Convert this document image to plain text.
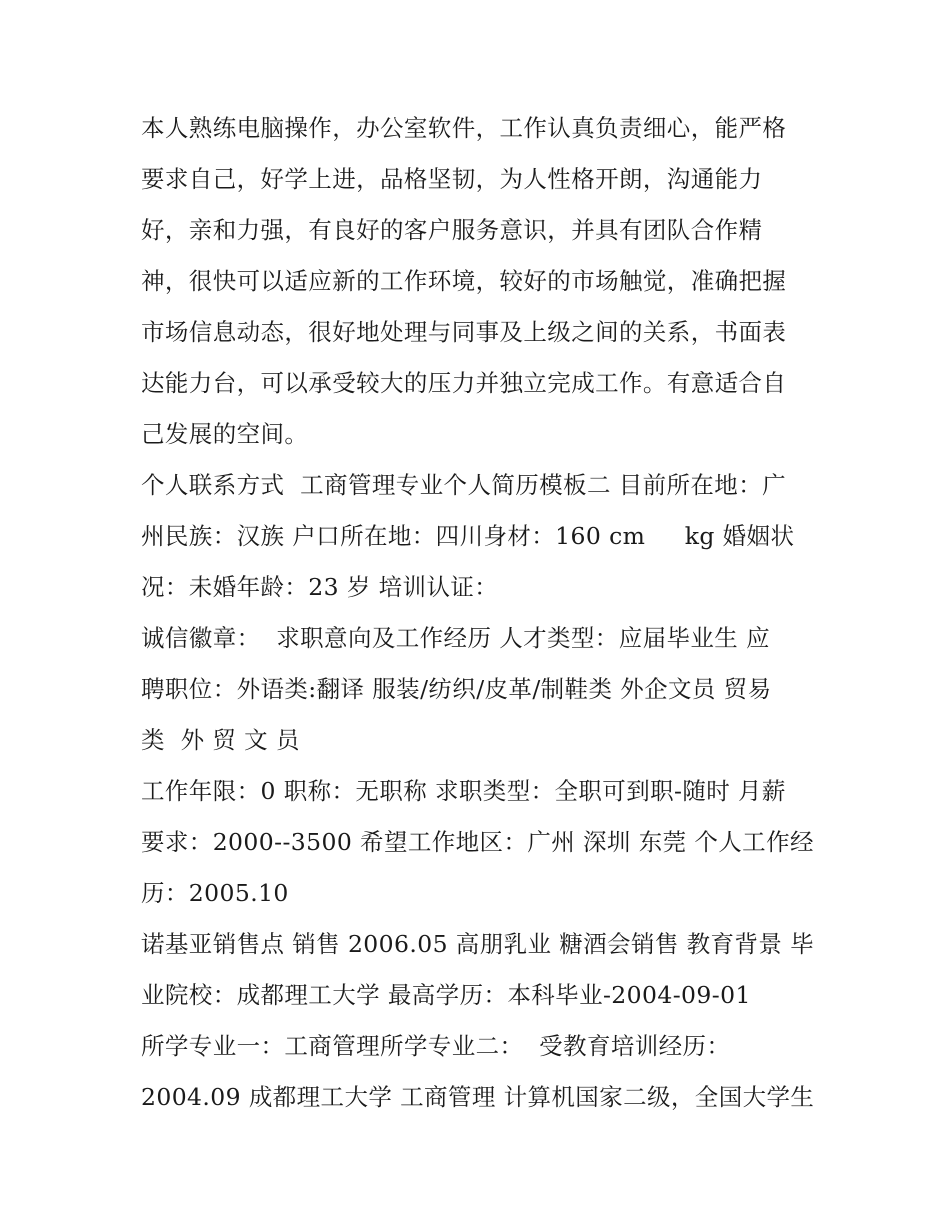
本人熟练电脑操作，办公室软件，工作认真负责细心，能严格
要求自己，好学上进，品格坚韧，为人性格开朗，沟通能力
好，亲和力强，有良好的客户服务意识，并具有团队合作精
神，很快可以适应新的工作环境，较好的市场触觉，准确把握
市场信息动态，很好地处理与同事及上级之间的关系，书面表
达能力台，可以承受较大的压力并独立完成工作。有意适合自
己发展的空间。
个人联系方式  工商管理专业个人简历模板二 目前所在地：广
州民族：汉族 户口所在地：四川身材：160 cm     kg 婚姻状
况：未婚年龄：23 岁 培训认证：
诚信徽章：  求职意向及工作经历 人才类型：应届毕业生 应
聘职位：外语类:翻译 服装/纺织/皮革/制鞋类 外企文员 贸易
类  外 贸 文 员
工作年限：0 职称：无职称 求职类型：全职可到职-随时 月薪
要求：2000--3500 希望工作地区：广州 深圳 东莞 个人工作经
历：2005.10
诺基亚销售点 销售 2006.05 高朋乳业 糖酒会销售 教育背景 毕
业院校：成都理工大学 最高学历：本科毕业-2004-09-01
所学专业一：工商管理所学专业二：  受教育培训经历：
2004.09 成都理工大学 工商管理 计算机国家二级，全国大学生
